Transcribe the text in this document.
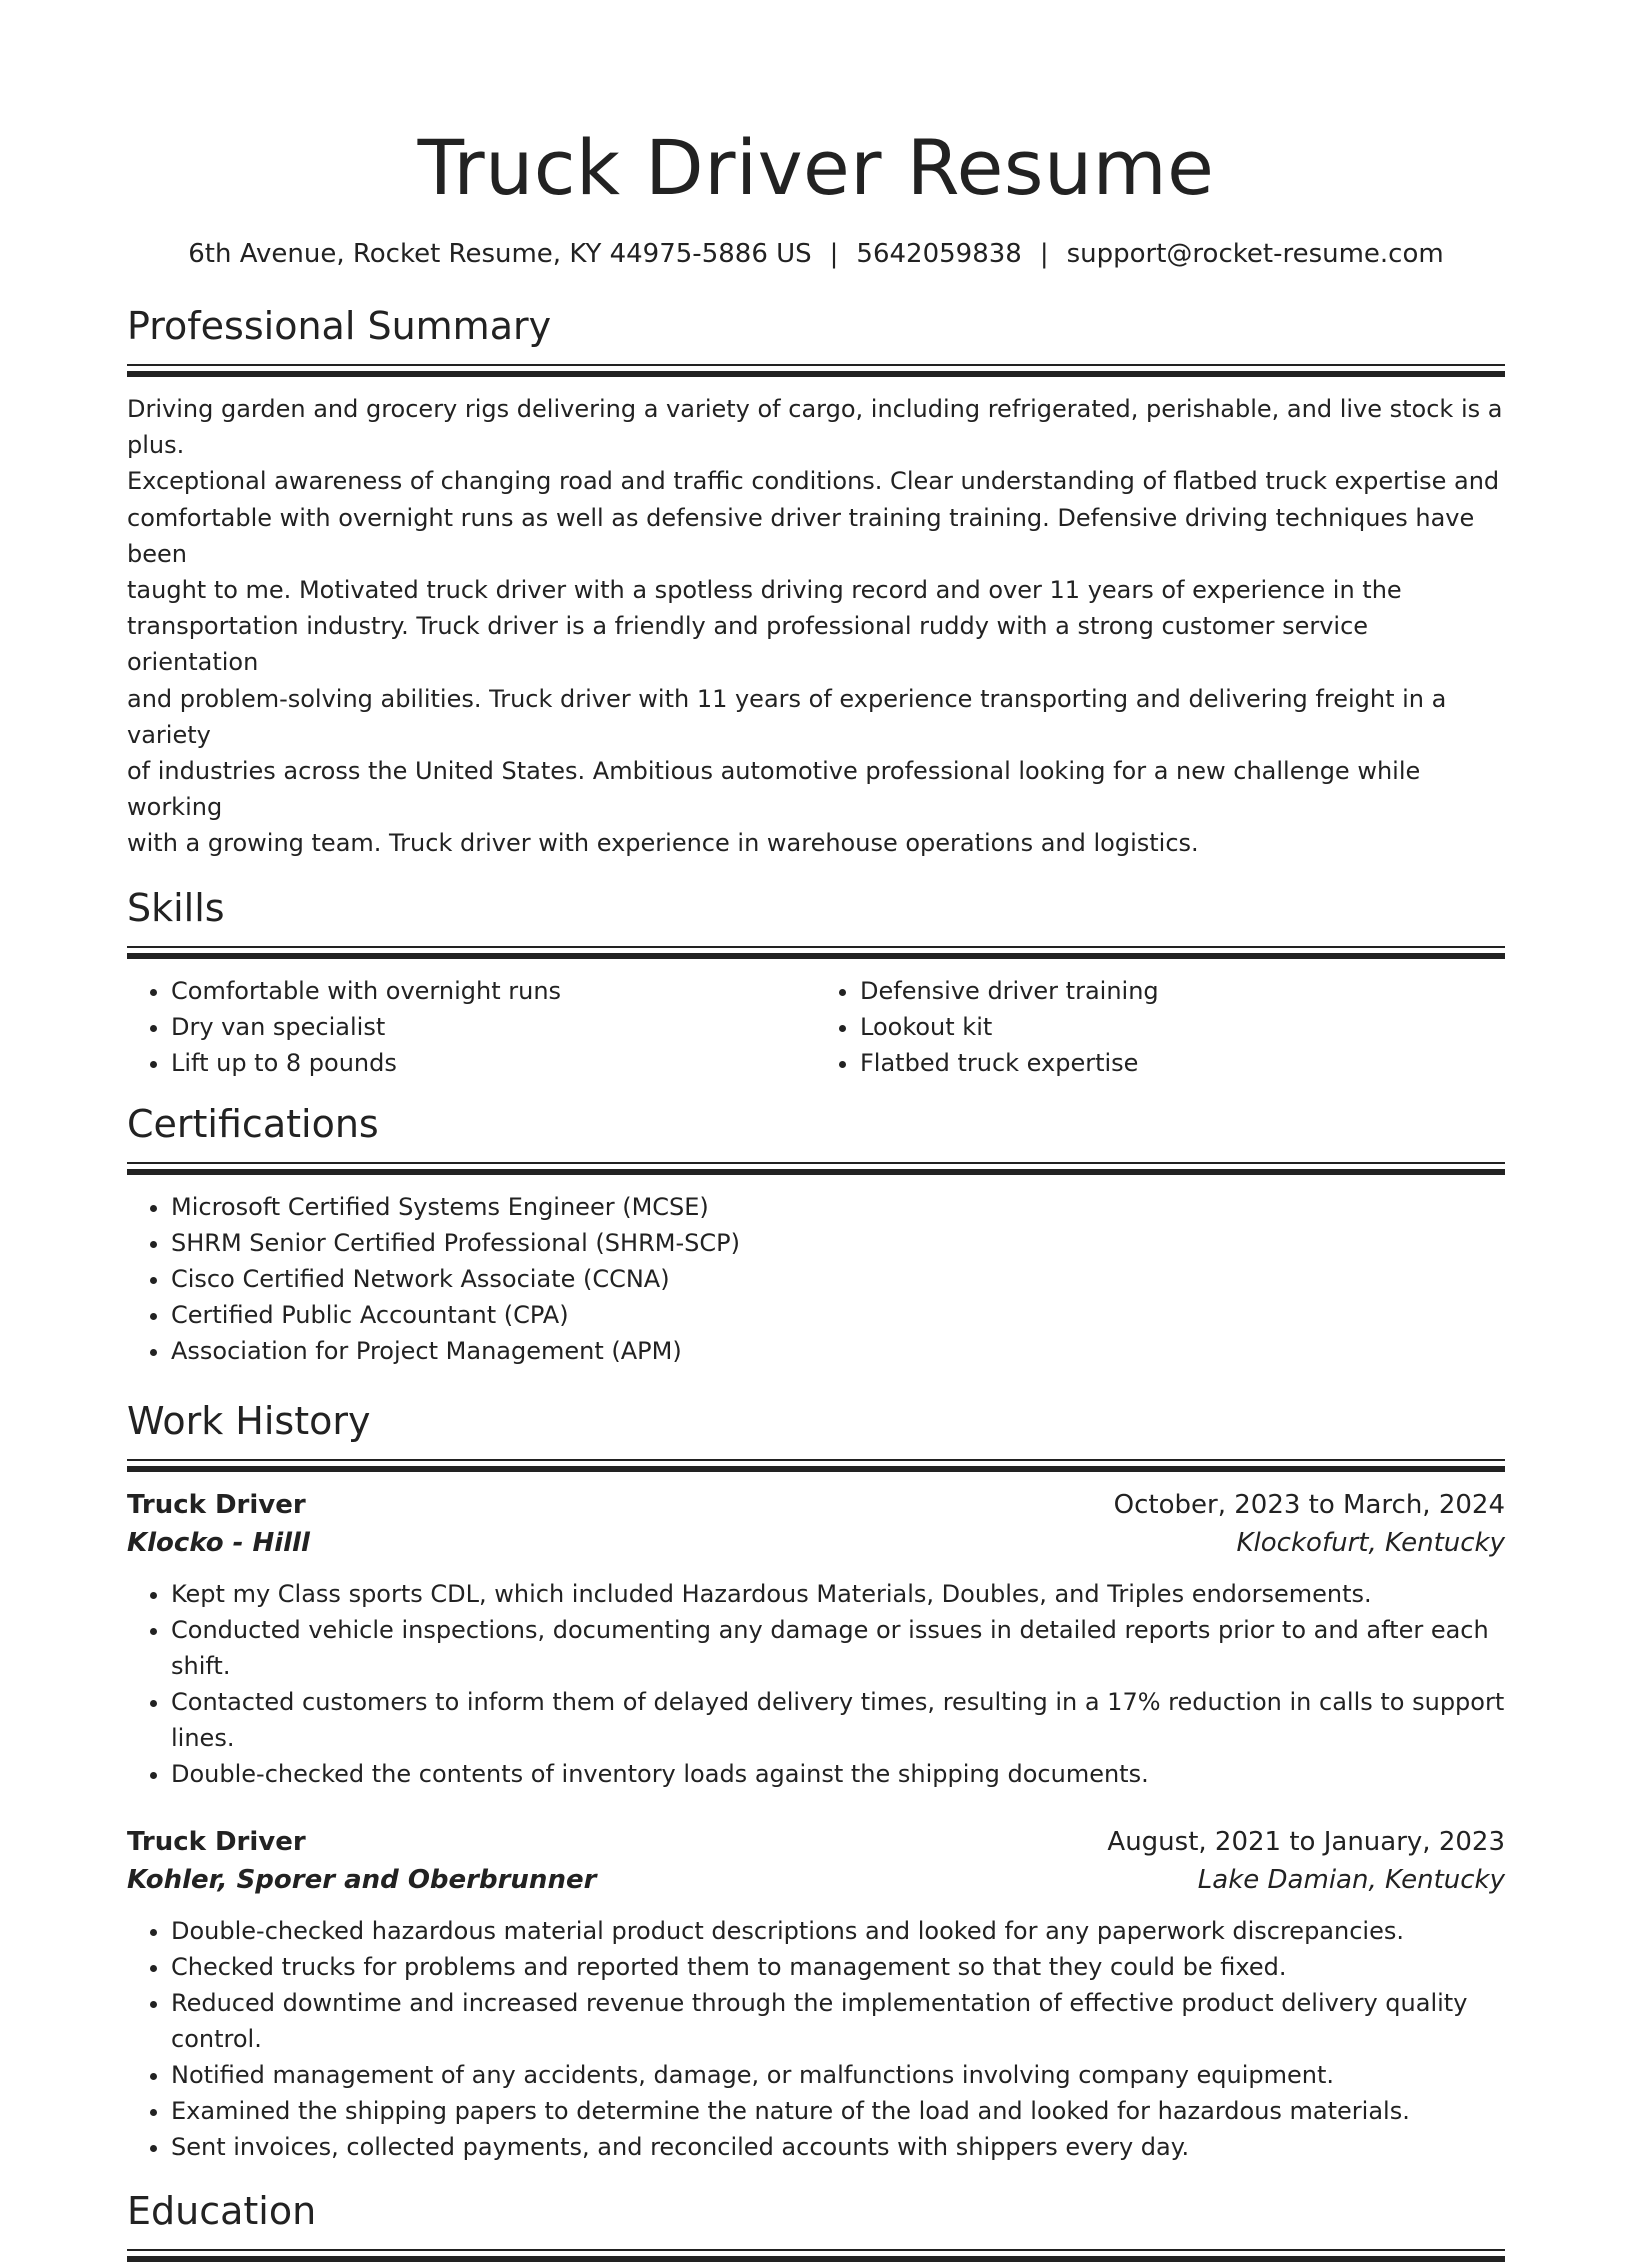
Truck Driver Resume
6th Avenue, Rocket Resume, KY 44975-5886 US | 5642059838 | support@rocket-resume.com
Professional Summary

Driving garden and grocery rigs delivering a variety of cargo, including refrigerated, perishable, and live stock is a plus.
Exceptional awareness of changing road and traffic conditions. Clear understanding of flatbed truck expertise and
comfortable with overnight runs as well as defensive driver training training. Defensive driving techniques have been
taught to me. Motivated truck driver with a spotless driving record and over 11 years of experience in the
transportation industry. Truck driver is a friendly and professional ruddy with a strong customer service orientation
and problem-solving abilities. Truck driver with 11 years of experience transporting and delivering freight in a variety
of industries across the United States. Ambitious automotive professional looking for a new challenge while working
with a growing team. Truck driver with experience in warehouse operations and logistics.

Skills
• Comfortable with overnight runs
• Dry van specialist
• Lift up to 8 pounds
• Defensive driver training
• Lookout kit
• Flatbed truck expertise
Certifications
• Microsoft Certified Systems Engineer (MCSE)
• SHRM Senior Certified Professional (SHRM-SCP)
• Cisco Certified Network Associate (CCNA)
• Certified Public Accountant (CPA)
• Association for Project Management (APM)
Work History
Truck Driver	October, 2023 to March, 2024
Klocko - Hilll	Klockofurt, Kentucky
• Kept my Class sports CDL, which included Hazardous Materials, Doubles, and Triples endorsements.
• Conducted vehicle inspections, documenting any damage or issues in detailed reports prior to and after each shift.
• Contacted customers to inform them of delayed delivery times, resulting in a 17% reduction in calls to support lines.
• Double-checked the contents of inventory loads against the shipping documents.
Truck Driver	August, 2021 to January, 2023
Kohler, Sporer and Oberbrunner	Lake Damian, Kentucky
• Double-checked hazardous material product descriptions and looked for any paperwork discrepancies.
• Checked trucks for problems and reported them to management so that they could be fixed.
• Reduced downtime and increased revenue through the implementation of effective product delivery quality control.
• Notified management of any accidents, damage, or malfunctions involving company equipment.
• Examined the shipping papers to determine the nature of the load and looked for hazardous materials.
• Sent invoices, collected payments, and reconciled accounts with shippers every day.
Education
